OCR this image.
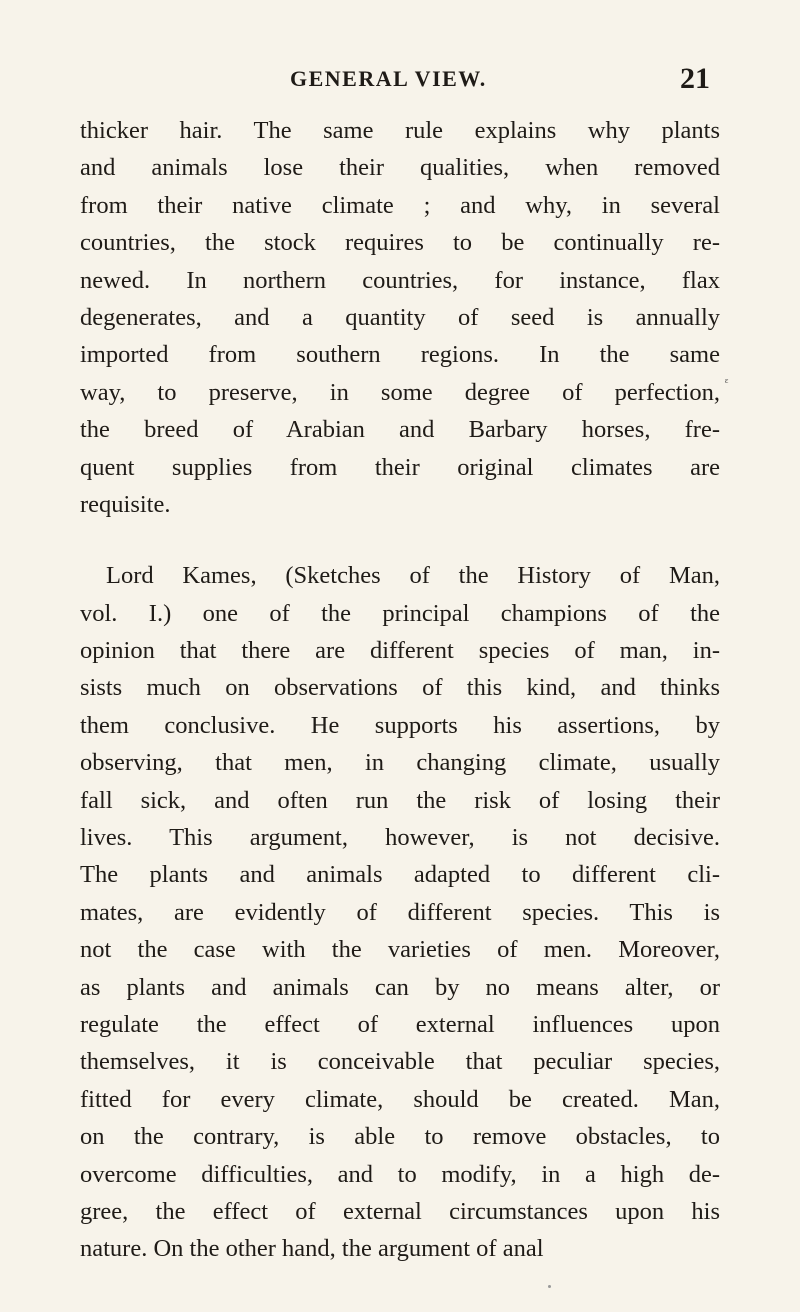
GENERAL VIEW.	21
thicker hair. The same rule explains why plants
and animals lose their qualities, when removed
from their native climate ; and why, in several
countries, the stock requires to be continually re-
newed. In northern countries, for instance, flax
degenerates, and a quantity of seed is annually
imported from southern regions. In the same
way, to preserve, in some degree of perfection,
the breed of Arabian and Barbary horses, fre-
quent supplies from their original climates are
requisite.
Lord Kames, (Sketches of the History of Man,
vol. I.) one of the principal champions of the
opinion that there are different species of man, in-
sists much on observations of this kind, and thinks
them conclusive. He supports his assertions, by
observing, that men, in changing climate, usually
fall sick, and often run the risk of losing their
lives. This argument, however, is not decisive.
The plants and animals adapted to different cli-
mates, are evidently of different species. This is
not the case with the varieties of men. Moreover,
as plants and animals can by no means alter, or
regulate the effect of external influences upon
themselves, it is conceivable that peculiar species,
fitted for every climate, should be created. Man,
on the contrary, is able to remove obstacles, to
overcome difficulties, and to modify, in a high de-
gree, the effect of external circumstances upon his
nature. On the other hand, the argument of anal
ᵋ
